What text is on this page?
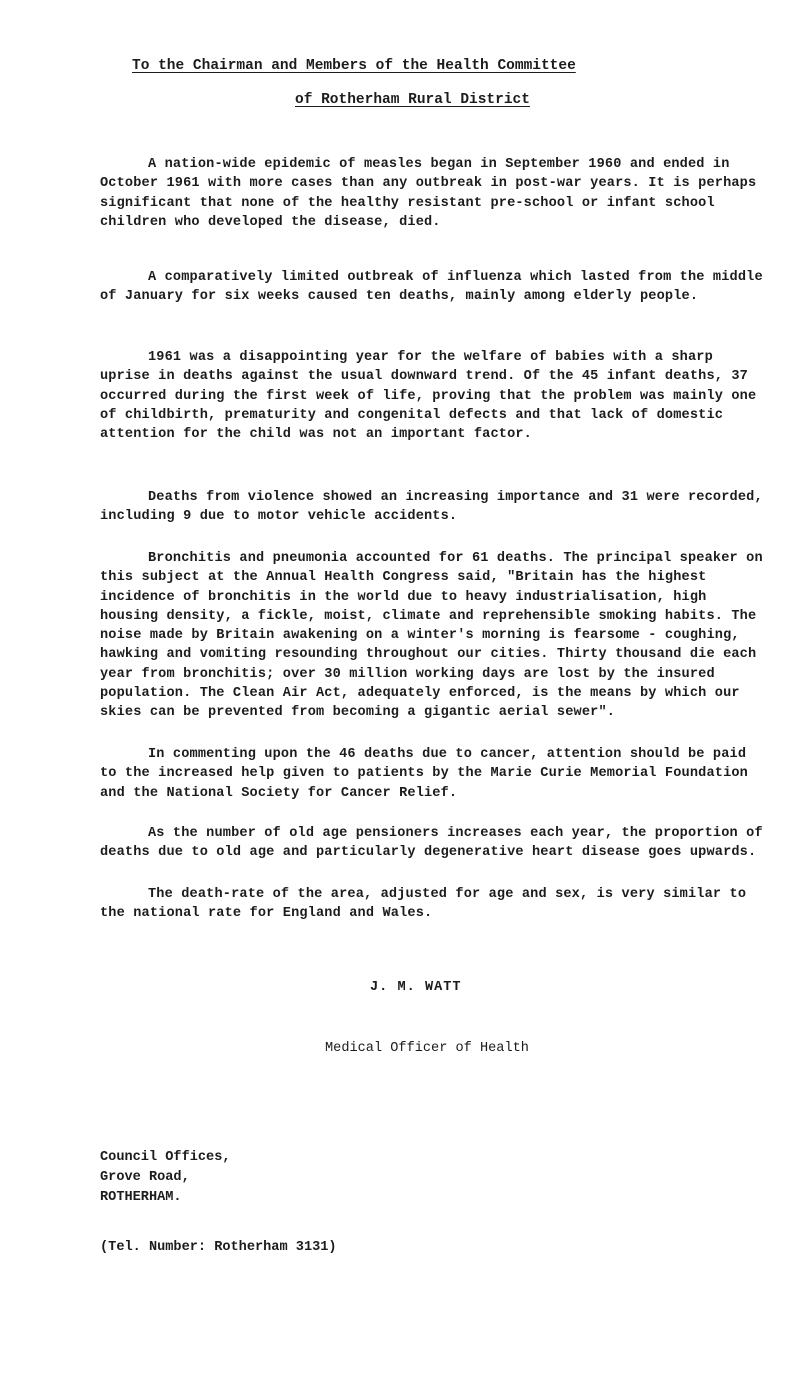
To the Chairman and Members of the Health Committee
of Rotherham Rural District

A nation-wide epidemic of measles began in September 1960 and ended in October 1961 with more cases than any outbreak in post-war years. It is perhaps significant that none of the healthy resistant pre-school or infant school children who developed the disease, died.

A comparatively limited outbreak of influenza which lasted from the middle of January for six weeks caused ten deaths, mainly among elderly people.

1961 was a disappointing year for the welfare of babies with a sharp uprise in deaths against the usual downward trend. Of the 45 infant deaths, 37 occurred during the first week of life, proving that the problem was mainly one of childbirth, prematurity and congenital defects and that lack of domestic attention for the child was not an important factor.

Deaths from violence showed an increasing importance and 31 were recorded, including 9 due to motor vehicle accidents.

Bronchitis and pneumonia accounted for 61 deaths. The principal speaker on this subject at the Annual Health Congress said, "Britain has the highest incidence of bronchitis in the world due to heavy industrialisation, high housing density, a fickle, moist, climate and reprehensible smoking habits. The noise made by Britain awakening on a winter's morning is fearsome - coughing, hawking and vomiting resounding throughout our cities. Thirty thousand die each year from bronchitis; over 30 million working days are lost by the insured population. The Clean Air Act, adequately enforced, is the means by which our skies can be prevented from becoming a gigantic aerial sewer".

In commenting upon the 46 deaths due to cancer, attention should be paid to the increased help given to patients by the Marie Curie Memorial Foundation and the National Society for Cancer Relief.

As the number of old age pensioners increases each year, the proportion of deaths due to old age and particularly degenerative heart disease goes upwards.

The death-rate of the area, adjusted for age and sex, is very similar to the national rate for England and Wales.

J. M. WATT
Medical Officer of Health
Council Offices,
Grove Road,
ROTHERHAM.
(Tel. Number: Rotherham 3131)
